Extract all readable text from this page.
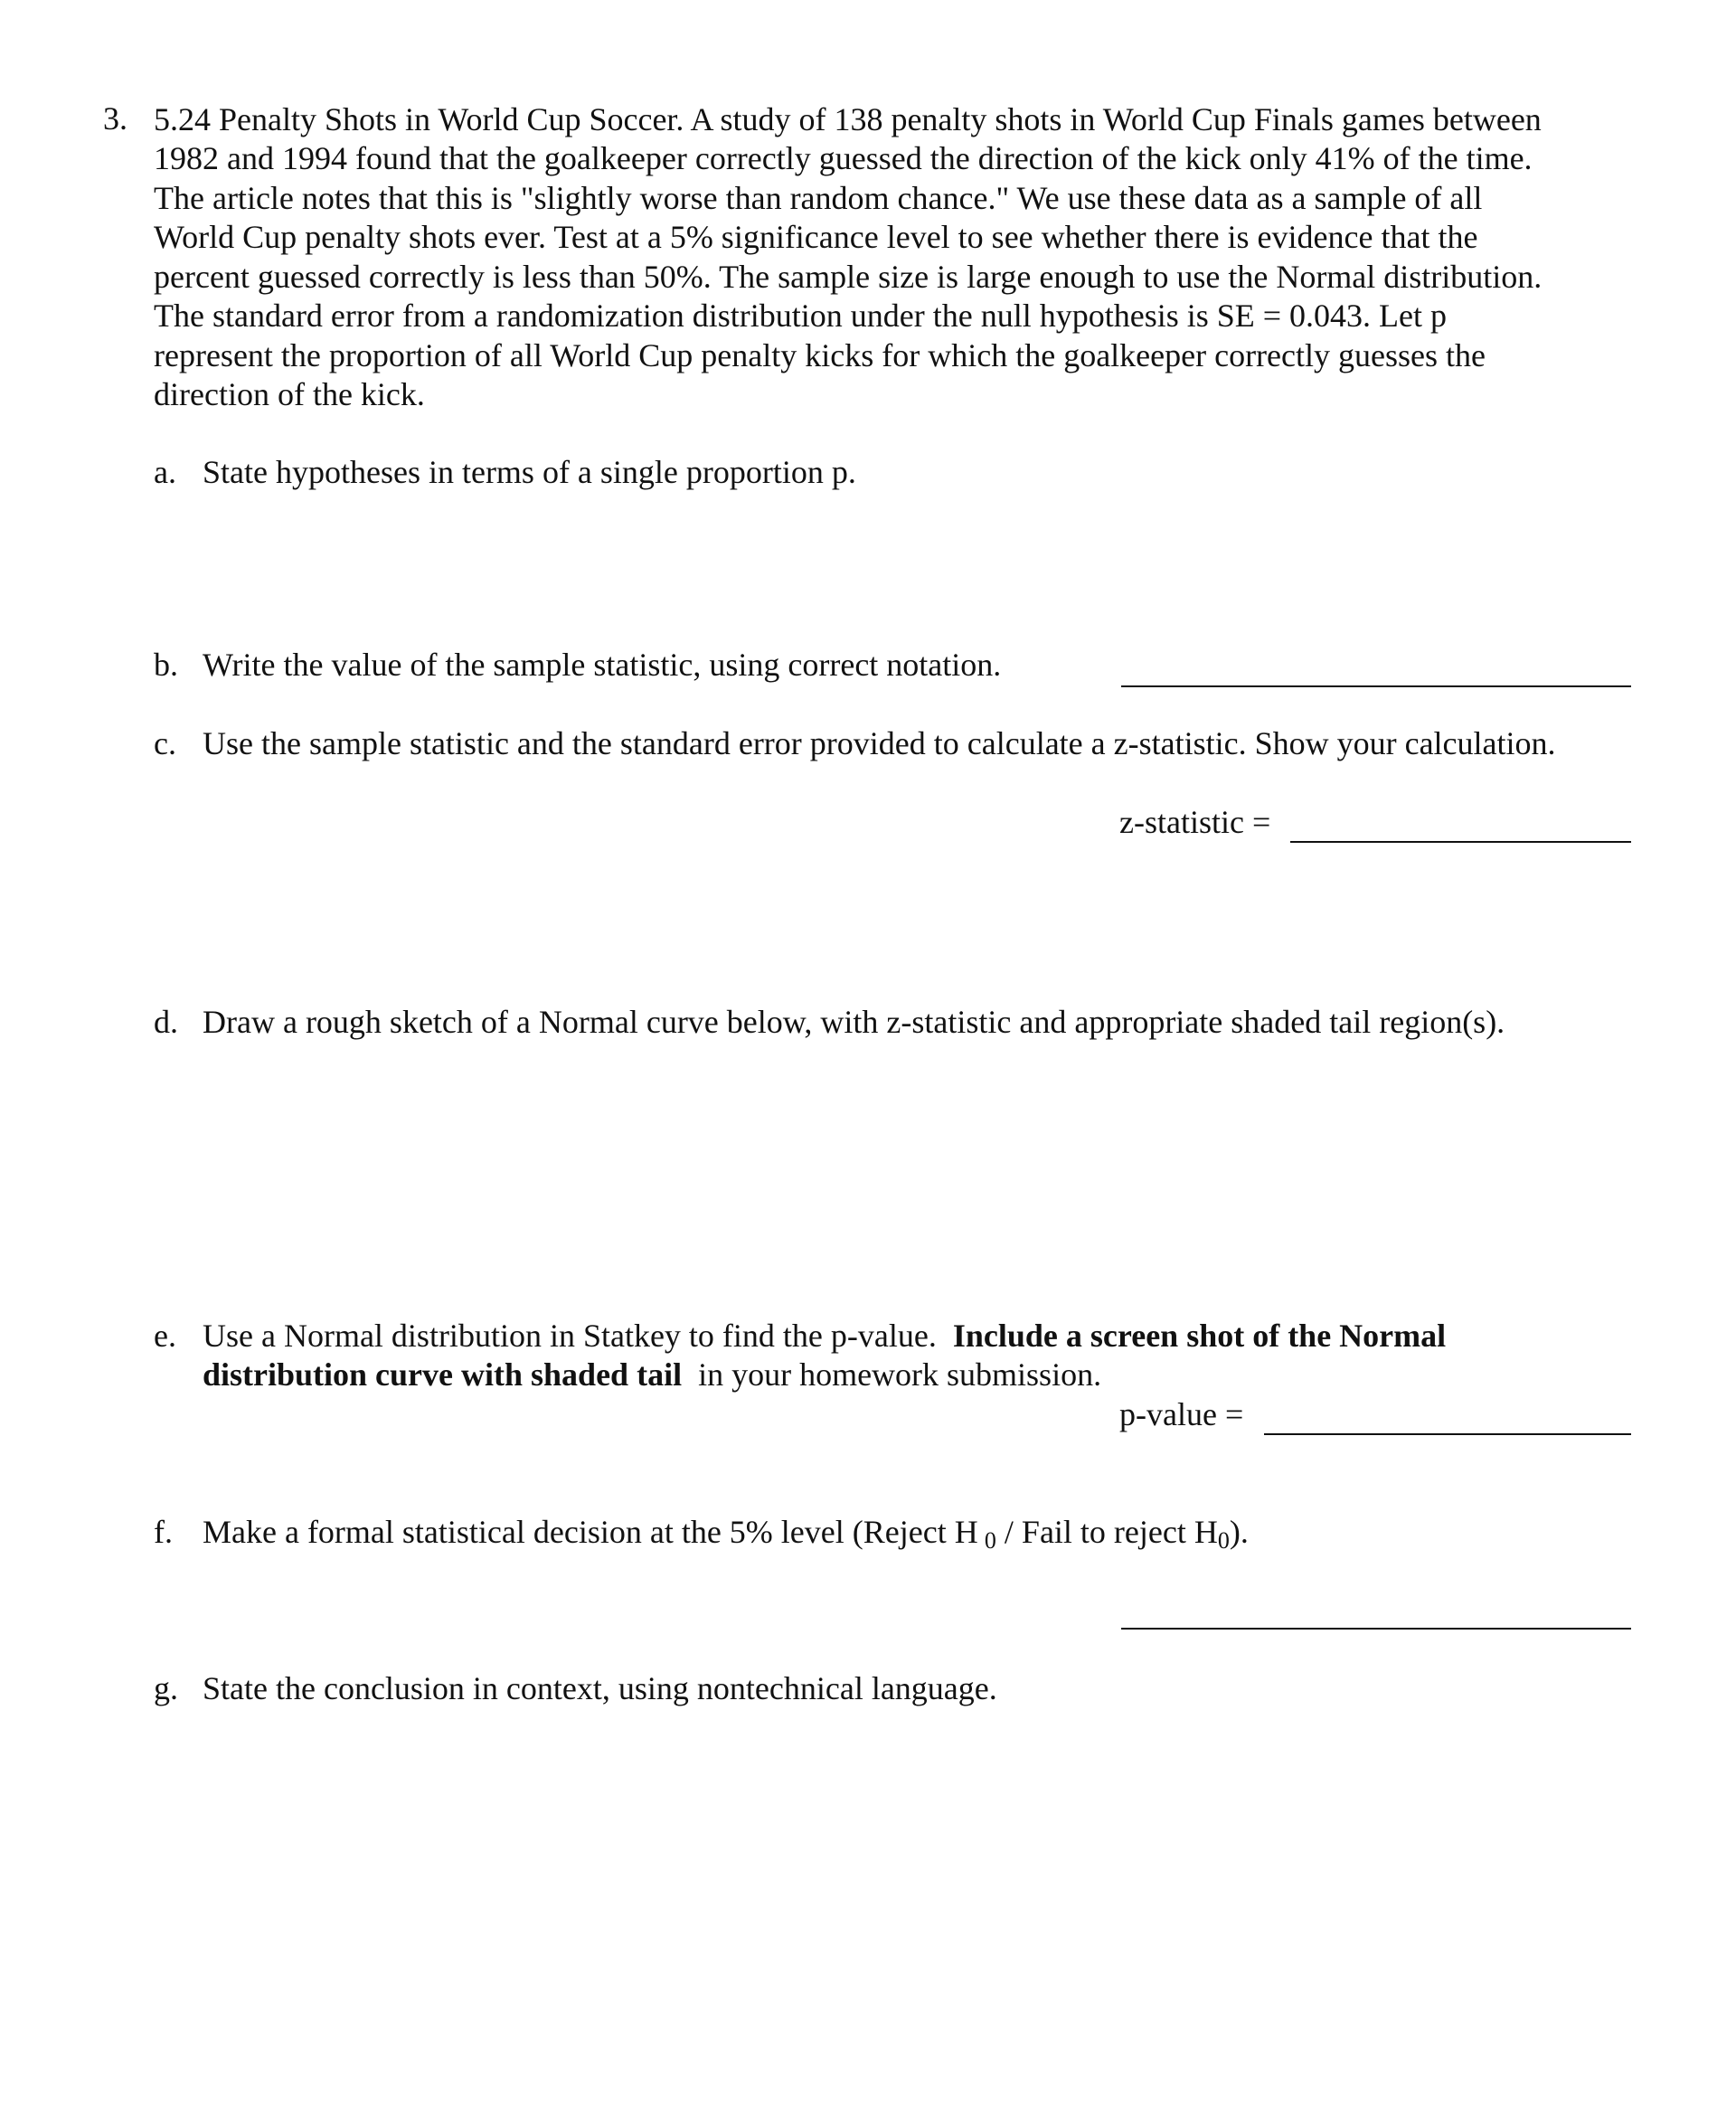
3. 5.24 Penalty Shots in World Cup Soccer. A study of 138 penalty shots in World Cup Finals games between
1982 and 1994 found that the goalkeeper correctly guessed the direction of the kick only 41% of the time.
The article notes that this is "slightly worse than random chance." We use these data as a sample of all
World Cup penalty shots ever. Test at a 5% significance level to see whether there is evidence that the
percent guessed correctly is less than 50%. The sample size is large enough to use the Normal distribution.
The standard error from a randomization distribution under the null hypothesis is SE = 0.043. Let p
represent the proportion of all World Cup penalty kicks for which the goalkeeper correctly guesses the
direction of the kick.
a. State hypotheses in terms of a single proportion p.
b. Write the value of the sample statistic, using correct notation.
c. Use the sample statistic and the standard error provided to calculate a z-statistic. Show your calculation.
z-statistic =
d. Draw a rough sketch of a Normal curve below, with z-statistic and appropriate shaded tail region(s).
e. Use a Normal distribution in Statkey to find the p-value. Include a screen shot of the Normal
distribution curve with shaded tail in your homework submission.
p-value =
f. Make a formal statistical decision at the 5% level (Reject H  $_0$ / Fail to reject $H_0$).
g. State the conclusion in context, using nontechnical language.
